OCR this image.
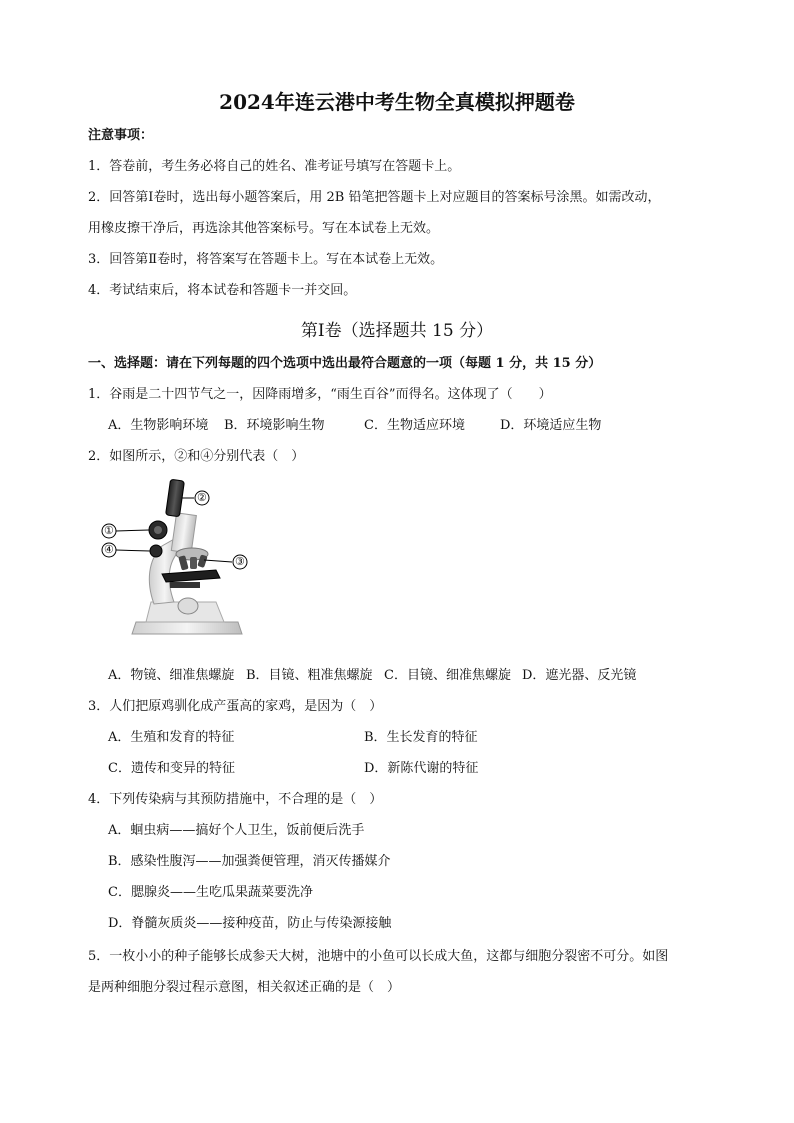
2024年连云港中考生物全真模拟押题卷
注意事项：
1．答卷前，考生务必将自己的姓名、准考证号填写在答题卡上。
2．回答第Ⅰ卷时，选出每小题答案后，用 2B 铅笔把答题卡上对应题目的答案标号涂黑。如需改动，
用橡皮擦干净后，再选涂其他答案标号。写在本试卷上无效。
3．回答第Ⅱ卷时，将答案写在答题卡上。写在本试卷上无效。
4．考试结束后，将本试卷和答题卡一并交回。
第Ⅰ卷（选择题共 15 分）
一、选择题：请在下列每题的四个选项中选出最符合题意的一项（每题 1 分，共 15 分）
1．谷雨是二十四节气之一，因降雨增多，“雨生百谷”而得名。这体现了（　　）
A．生物影响环境 B．环境影响生物	C．生物适应环境	D．环境适应生物
2．如图所示，②和④分别代表（　）
①
②
③
④
A．物镜、细准焦螺旋 B．目镜、粗准焦螺旋 C．目镜、细准焦螺旋 D．遮光器、反光镜
3．人们把原鸡驯化成产蛋高的家鸡，是因为（　）
A．生殖和发育的特征	B．生长发育的特征
C．遗传和变异的特征	D．新陈代谢的特征
4．下列传染病与其预防措施中，不合理的是（　）
A．蛔虫病——搞好个人卫生，饭前便后洗手
B．感染性腹泻——加强粪便管理，消灭传播媒介
C．腮腺炎——生吃瓜果蔬菜要洗净
D．脊髓灰质炎——接种疫苗，防止与传染源接触
5．一枚小小的种子能够长成参天大树，池塘中的小鱼可以长成大鱼，这都与细胞分裂密不可分。如图
是两种细胞分裂过程示意图，相关叙述正确的是（　）
